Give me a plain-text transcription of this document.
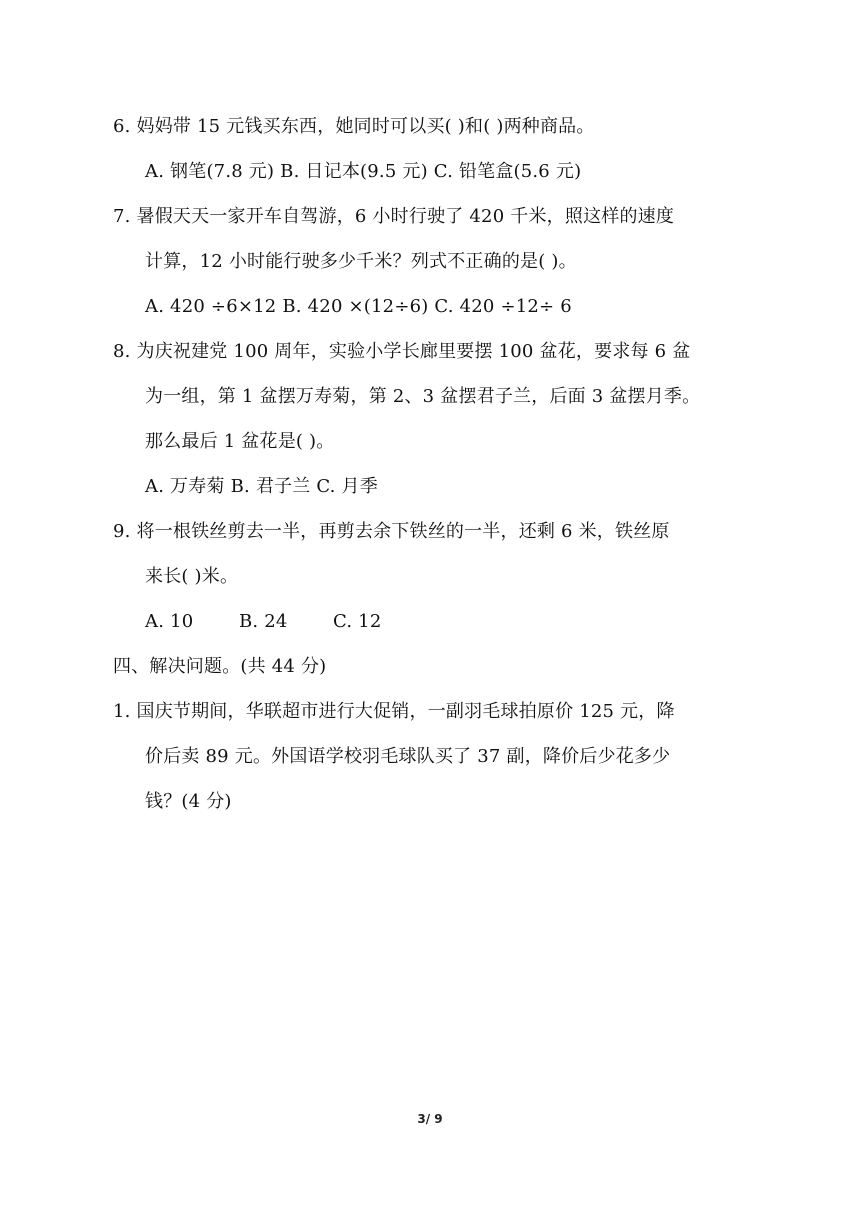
6. 妈妈带 15 元钱买东西，她同时可以买( )和( )两种商品。
A. 钢笔(7.8 元) B. 日记本(9.5 元) C. 铅笔盒(5.6 元)
7. 暑假天天一家开车自驾游，6 小时行驶了 420 千米，照这样的速度
计算，12 小时能行驶多少千米？列式不正确的是( )。
A. 420 ÷6×12 B. 420 ×(12÷6) C. 420 ÷12÷ 6
8. 为庆祝建党 100 周年，实验小学长廊里要摆 100 盆花，要求每 6 盆
为一组，第 1 盆摆万寿菊，第 2、3 盆摆君子兰，后面 3 盆摆月季。
那么最后 1 盆花是( )。
A. 万寿菊 B. 君子兰 C. 月季
9. 将一根铁丝剪去一半，再剪去余下铁丝的一半，还剩 6 米，铁丝原
来长( )米。
A. 10	B. 24	C. 12
四、解决问题。(共 44 分)
1. 国庆节期间，华联超市进行大促销，一副羽毛球拍原价 125 元，降
价后卖 89 元。外国语学校羽毛球队买了 37 副，降价后少花多少
钱？(4 分)
3/ 9
